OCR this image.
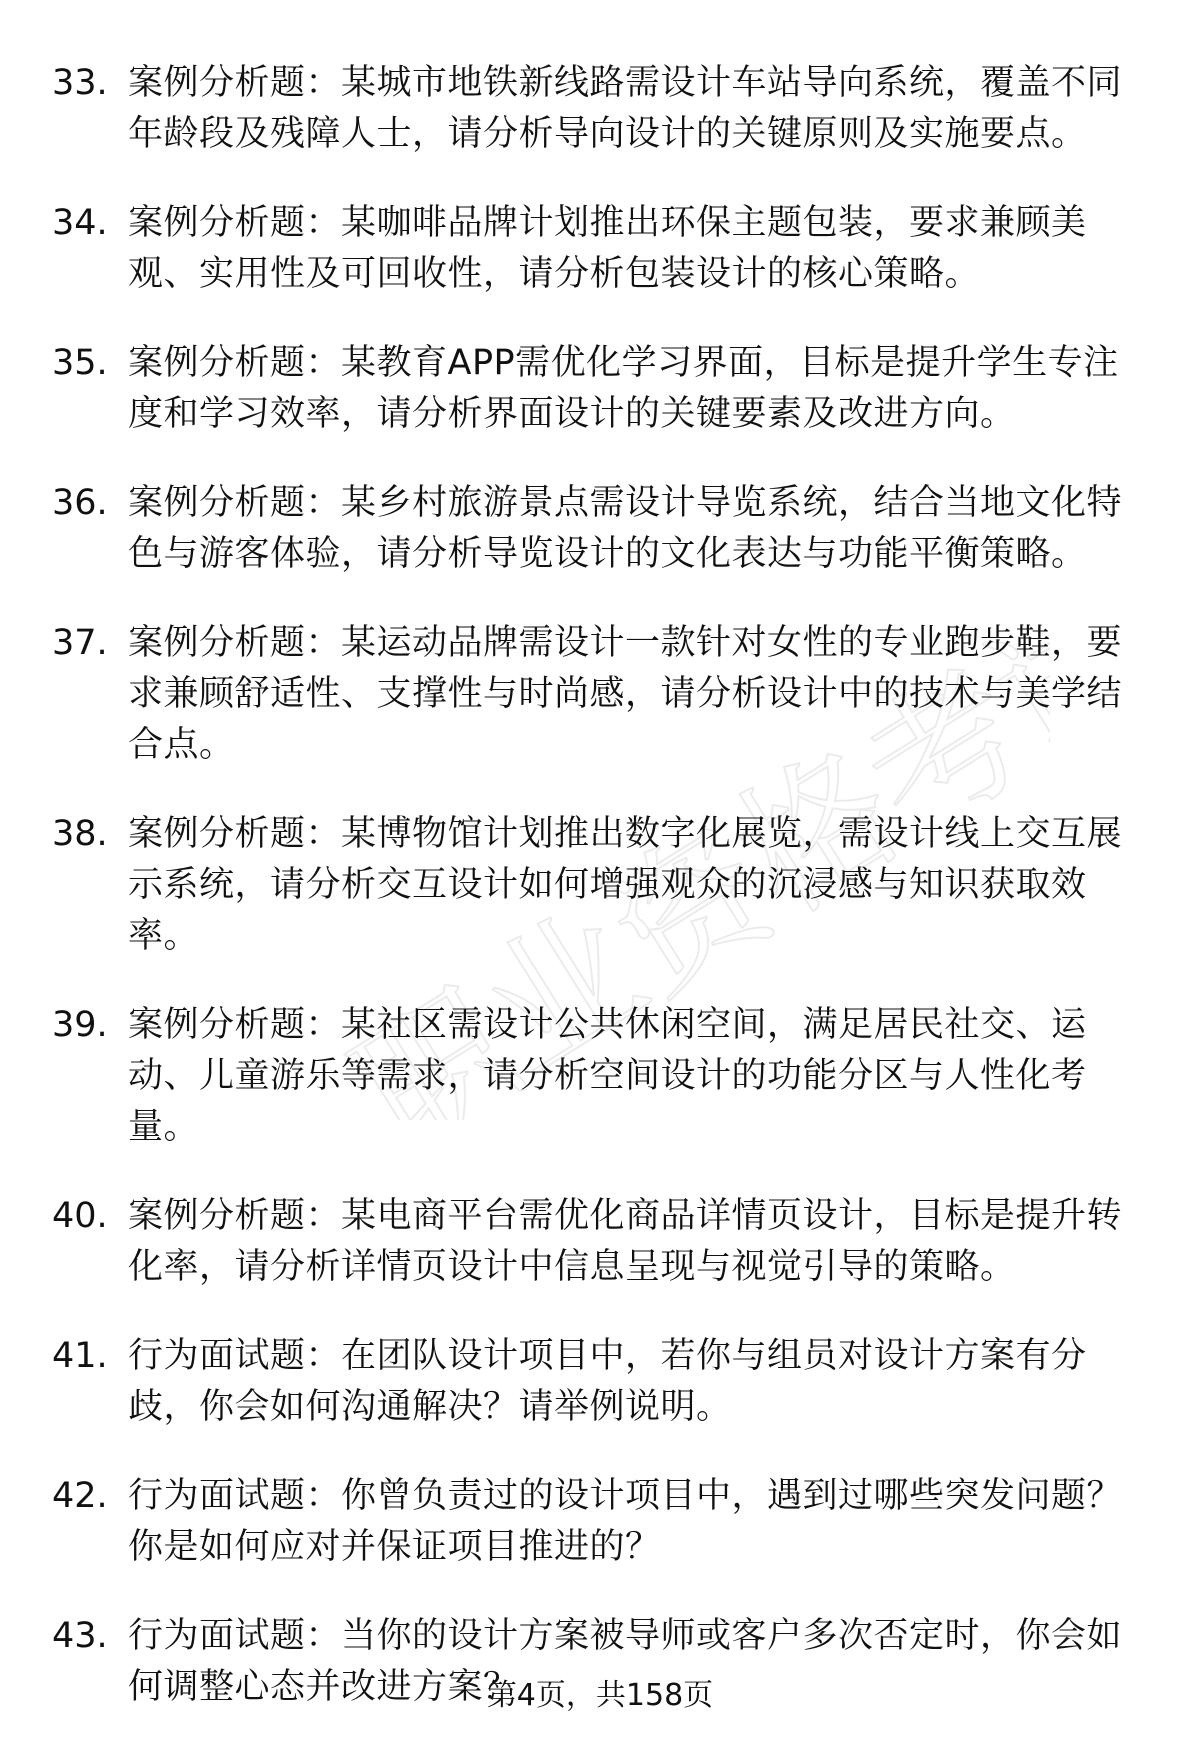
职业资格考试
33. 案例分析题：某城市地铁新线路需设计车站导向系统，覆盖不同年龄段及残障人士，请分析导向设计的关键原则及实施要点。
34. 案例分析题：某咖啡品牌计划推出环保主题包装，要求兼顾美观、实用性及可回收性，请分析包装设计的核心策略。
35. 案例分析题：某教育APP需优化学习界面，目标是提升学生专注度和学习效率，请分析界面设计的关键要素及改进方向。
36. 案例分析题：某乡村旅游景点需设计导览系统，结合当地文化特色与游客体验，请分析导览设计的文化表达与功能平衡策略。
37. 案例分析题：某运动品牌需设计一款针对女性的专业跑步鞋，要求兼顾舒适性、支撑性与时尚感，请分析设计中的技术与美学结合点。
38. 案例分析题：某博物馆计划推出数字化展览，需设计线上交互展示系统，请分析交互设计如何增强观众的沉浸感与知识获取效率。
39. 案例分析题：某社区需设计公共休闲空间，满足居民社交、运动、儿童游乐等需求，请分析空间设计的功能分区与人性化考量。
40. 案例分析题：某电商平台需优化商品详情页设计，目标是提升转化率，请分析详情页设计中信息呈现与视觉引导的策略。
41. 行为面试题：在团队设计项目中，若你与组员对设计方案有分歧，你会如何沟通解决？请举例说明。
42. 行为面试题：你曾负责过的设计项目中，遇到过哪些突发问题？你是如何应对并保证项目推进的？
43. 行为面试题：当你的设计方案被导师或客户多次否定时，你会如何调整心态并改进方案？
第4页，共158页
